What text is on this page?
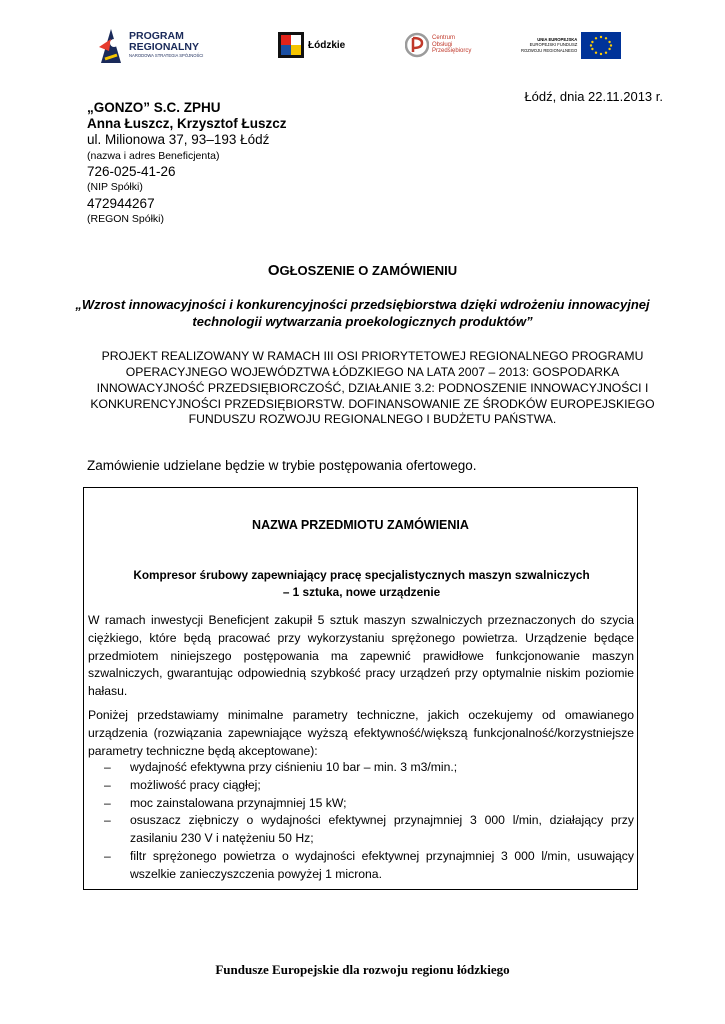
PROGRAM
REGIONALNY
NARODOWA STRATEGIA SPÓJNOŚCI
Łódzkie
Centrum
Obsługi
Przedsiębiorcy
UNIA EUROPEJSKA
EUROPEJSKI FUNDUSZ
ROZWOJU REGIONALNEGO
Łódź, dnia 22.11.2013 r.
„GONZO” S.C. ZPHU
Anna Łuszcz, Krzysztof Łuszcz
ul. Milionowa 37, 93–193 Łódź
(nazwa i adres Beneficjenta)
726-025-41-26
(NIP Spółki)
472944267
(REGON Spółki)
OGŁOSZENIE O ZAMÓWIENIU
„Wzrost innowacyjności i konkurencyjności przedsiębiorstwa dzięki wdrożeniu innowacyjnej technologii wytwarzania proekologicznych produktów”
PROJEKT REALIZOWANY W RAMACH III OSI PRIORYTETOWEJ REGIONALNEGO PROGRAMU OPERACYJNEGO WOJEWÓDZTWA ŁÓDZKIEGO NA LATA 2007 – 2013: GOSPODARKA INNOWACYJNOŚĆ PRZEDSIĘBIORCZOŚĆ, DZIAŁANIE 3.2: PODNOSZENIE INNOWACYJNOŚCI I KONKURENCYJNOŚCI PRZEDSIĘBIORSTW. DOFINANSOWANIE ZE ŚRODKÓW EUROPEJSKIEGO FUNDUSZU ROZWOJU REGIONALNEGO I BUDŻETU PAŃSTWA.
Zamówienie udzielane będzie w trybie postępowania ofertowego.
NAZWA PRZEDMIOTU ZAMÓWIENIA
Kompresor śrubowy zapewniający pracę specjalistycznych maszyn szwalniczych
– 1 sztuka, nowe urządzenie
W ramach inwestycji Beneficjent zakupił 5 sztuk maszyn szwalniczych przeznaczonych do szycia ciężkiego, które będą pracować przy wykorzystaniu sprężonego powietrza. Urządzenie będące przedmiotem niniejszego postępowania ma zapewnić prawidłowe funkcjonowanie maszyn szwalniczych, gwarantując odpowiednią szybkość pracy urządzeń przy optymalnie niskim poziomie hałasu.
Poniżej przedstawiamy minimalne parametry techniczne, jakich oczekujemy od omawianego urządzenia (rozwiązania zapewniające wyższą efektywność/większą funkcjonalność/korzystniejsze parametry techniczne będą akceptowane):
– wydajność efektywna przy ciśnieniu 10 bar – min. 3 m3/min.;
– możliwość pracy ciągłej;
– moc zainstalowana przynajmniej 15 kW;
– osuszacz ziębniczy o wydajności efektywnej przynajmniej 3 000 l/min, działający przy zasilaniu 230 V i natężeniu 50 Hz;
– filtr sprężonego powietrza o wydajności efektywnej przynajmniej 3 000 l/min, usuwający wszelkie zanieczyszczenia powyżej 1 microna.
Fundusze Europejskie dla rozwoju regionu łódzkiego
